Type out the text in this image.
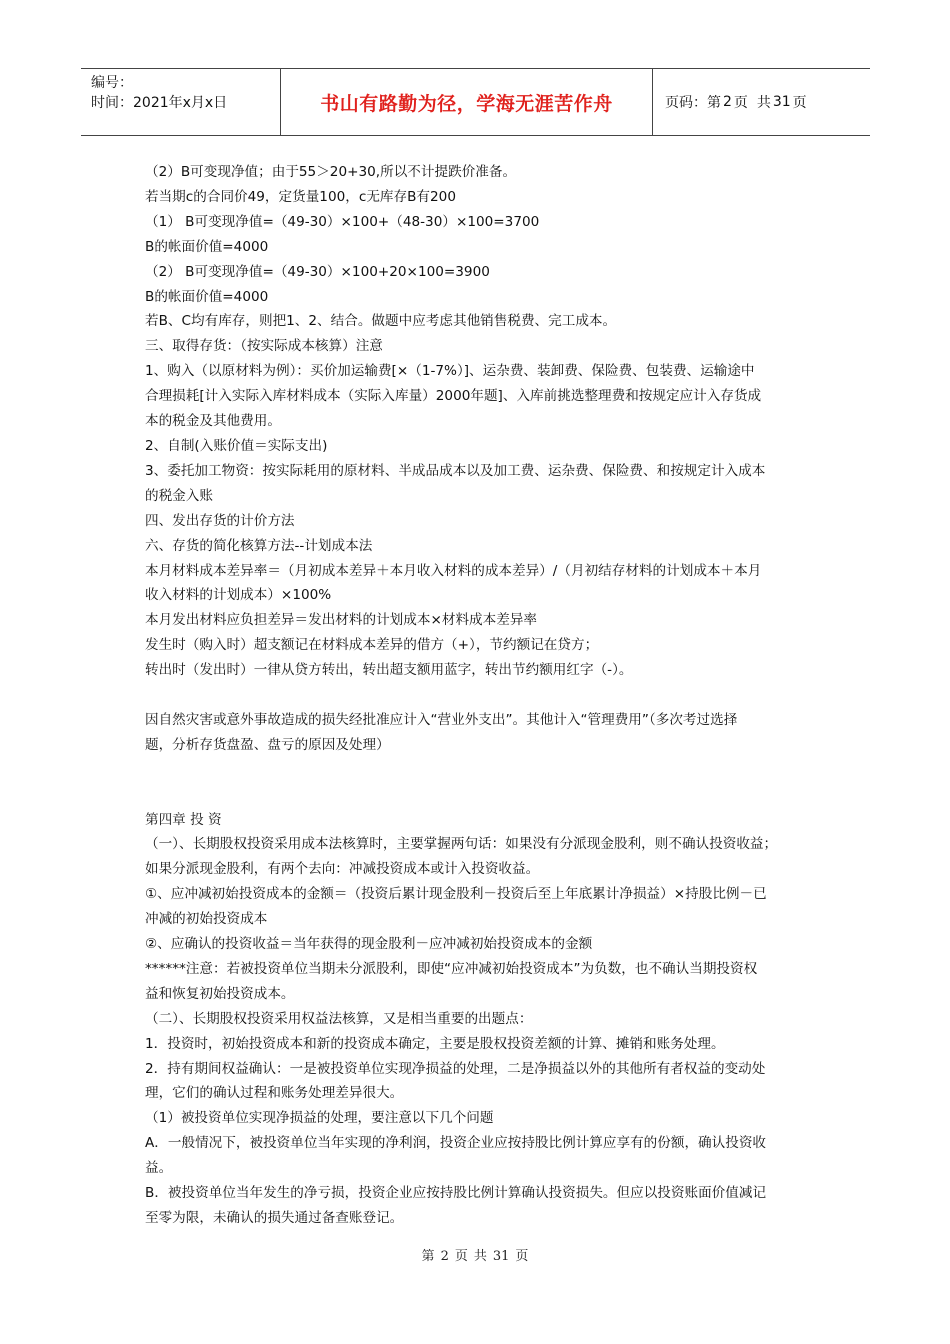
编号：
时间：2021年x月x日	书山有路勤为径，学海无涯苦作舟	页码：第 2 页  共 31 页

（2）B可变现净值；由于55＞20+30,所以不计提跌价准备。

若当期c的合同价49，定货量100，c无库存B有200

（1） B可变现净值=（49-30）×100+（48-30）×100=3700

B的帐面价值=4000

（2） B可变现净值=（49-30）×100+20×100=3900

B的帐面价值=4000

若B、C均有库存，则把1、2、结合。做题中应考虑其他销售税费、完工成本。

三、取得存货：（按实际成本核算）注意

1、购入（以原材料为例）：买价加运输费[×（1-7%）]、运杂费、装卸费、保险费、包装费、运输途中

合理损耗[计入实际入库材料成本（实际入库量）2000年题]、入库前挑选整理费和按规定应计入存货成

本的税金及其他费用。

2、自制(入账价值＝实际支出)

3、委托加工物资：按实际耗用的原材料、半成品成本以及加工费、运杂费、保险费、和按规定计入成本

的税金入账

四、发出存货的计价方法

六、存货的简化核算方法--计划成本法

本月材料成本差异率＝（月初成本差异＋本月收入材料的成本差异）/（月初结存材料的计划成本＋本月

收入材料的计划成本）×100%

本月发出材料应负担差异＝发出材料的计划成本×材料成本差异率

发生时（购入时）超支额记在材料成本差异的借方（+），节约额记在贷方；

转出时（发出时）一律从贷方转出，转出超支额用蓝字，转出节约额用红字（-）。

因自然灾害或意外事故造成的损失经批准应计入“营业外支出”。其他计入“管理费用”（多次考过选择

题，分析存货盘盈、盘亏的原因及处理）

第四章 投 资

（一）、长期股权投资采用成本法核算时，主要掌握两句话：如果没有分派现金股利，则不确认投资收益；

如果分派现金股利，有两个去向：冲减投资成本或计入投资收益。

①、应冲减初始投资成本的金额＝（投资后累计现金股利－投资后至上年底累计净损益）×持股比例－已

冲减的初始投资成本

②、应确认的投资收益＝当年获得的现金股利－应冲减初始投资成本的金额

******注意：若被投资单位当期未分派股利，即使“应冲减初始投资成本”为负数，也不确认当期投资权

益和恢复初始投资成本。

（二）、长期股权投资采用权益法核算，又是相当重要的出题点：

1．投资时，初始投资成本和新的投资成本确定，主要是股权投资差额的计算、摊销和账务处理。

2．持有期间权益确认：一是被投资单位实现净损益的处理，二是净损益以外的其他所有者权益的变动处

理，它们的确认过程和账务处理差异很大。

（1）被投资单位实现净损益的处理，要注意以下几个问题

A．一般情况下，被投资单位当年实现的净利润，投资企业应按持股比例计算应享有的份额，确认投资收

益。

B．被投资单位当年发生的净亏损，投资企业应按持股比例计算确认投资损失。但应以投资账面价值减记

至零为限，未确认的损失通过备查账登记。

第 2 页 共 31 页
